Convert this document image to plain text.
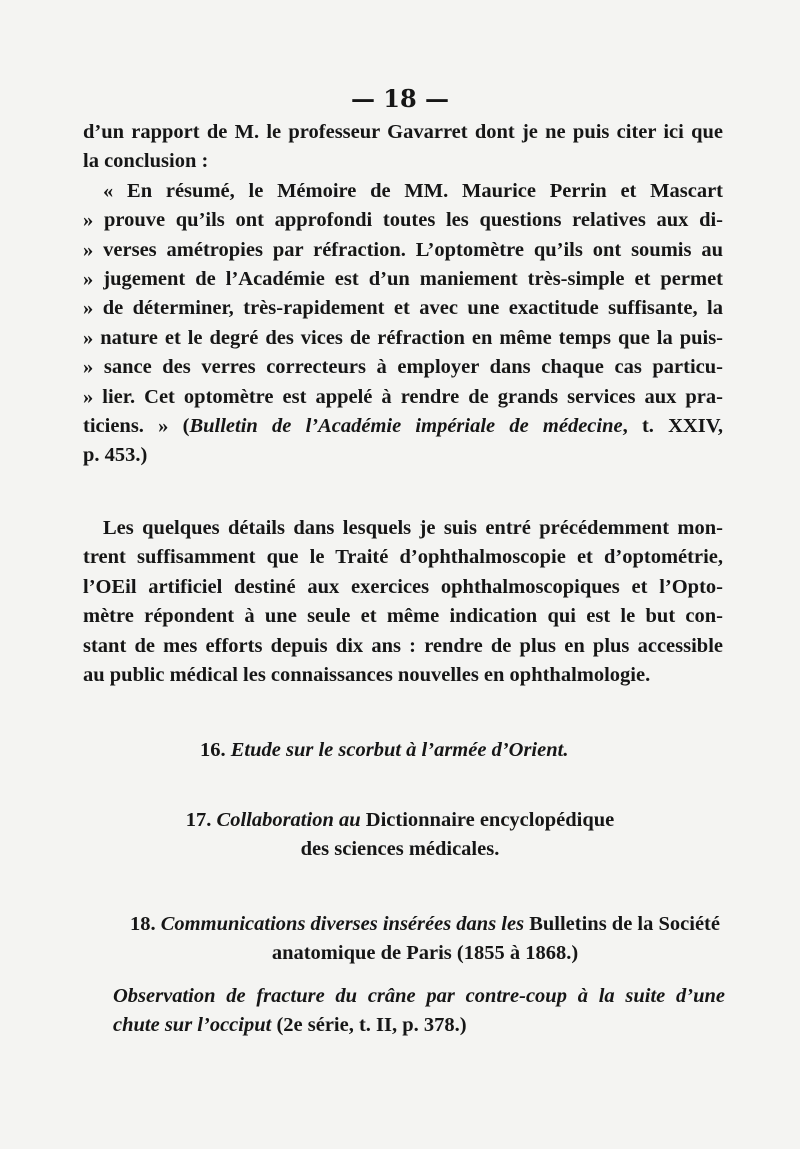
— 18 —
d’un rapport de M. le professeur Gavarret dont je ne puis citer ici que
la conclusion :
« En résumé, le Mémoire de MM. Maurice Perrin et Mascart
» prouve qu’ils ont approfondi toutes les questions relatives aux di-
» verses amétropies par réfraction. L’optomètre qu’ils ont soumis au
» jugement de l’Académie est d’un maniement très-simple et permet
» de déterminer, très-rapidement et avec une exactitude suffisante, la
» nature et le degré des vices de réfraction en même temps que la puis-
» sance des verres correcteurs à employer dans chaque cas particu-
» lier. Cet optomètre est appelé à rendre de grands services aux pra-
ticiens. » (Bulletin de l’Académie impériale de médecine, t. XXIV,
p. 453.)
Les quelques détails dans lesquels je suis entré précédemment mon-
trent suffisamment que le Traité d’ophthalmoscopie et d’optométrie,
l’OEil artificiel destiné aux exercices ophthalmoscopiques et l’Opto-
mètre répondent à une seule et même indication qui est le but con-
stant de mes efforts depuis dix ans : rendre de plus en plus accessible
au public médical les connaissances nouvelles en ophthalmologie.
16. Etude sur le scorbut à l’armée d’Orient.
17. Collaboration au Dictionnaire encyclopédique
des sciences médicales.
18. Communications diverses insérées dans les Bulletins de la Société
anatomique de Paris (1855 à 1868.)
Observation de fracture du crâne par contre-coup à la suite d’une
chute sur l’occiput (2e série, t. II, p. 378.)
